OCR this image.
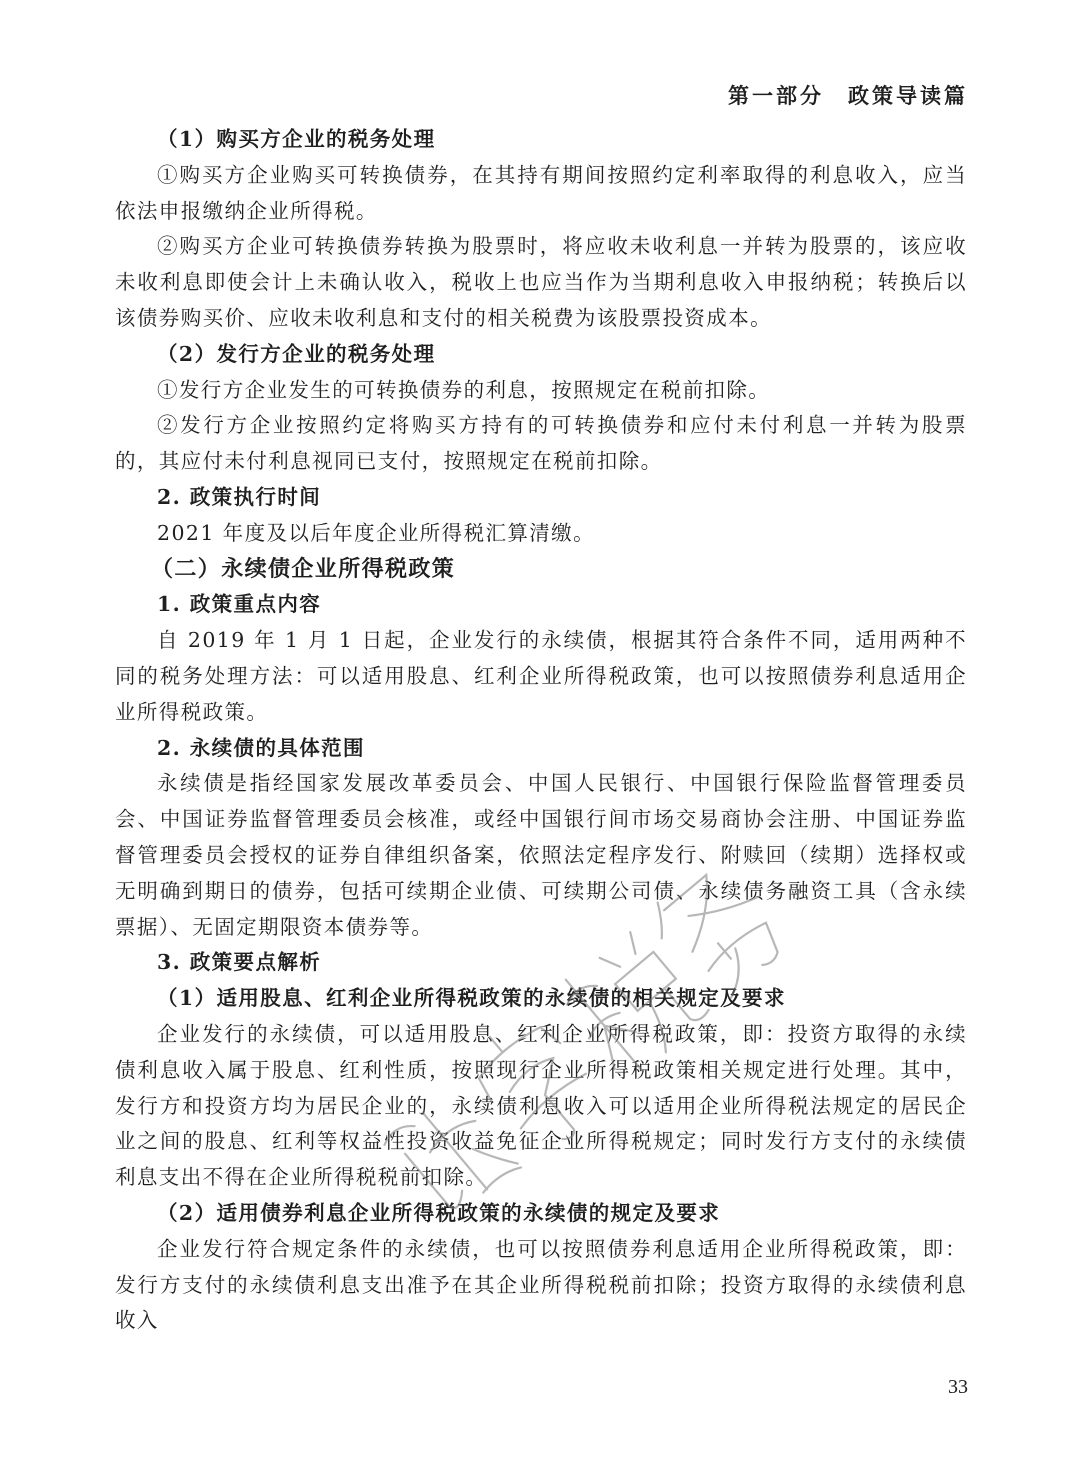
第一部分　政策导读篇

（1）购买方企业的税务处理

①购买方企业购买可转换债券，在其持有期间按照约定利率取得的利息收入，应当依法申报缴纳企业所得税。

②购买方企业可转换债券转换为股票时，将应收未收利息一并转为股票的，该应收未收利息即使会计上未确认收入，税收上也应当作为当期利息收入申报纳税；转换后以该债券购买价、应收未收利息和支付的相关税费为该股票投资成本。

（2）发行方企业的税务处理

①发行方企业发生的可转换债券的利息，按照规定在税前扣除。

②发行方企业按照约定将购买方持有的可转换债券和应付未付利息一并转为股票的，其应付未付利息视同已支付，按照规定在税前扣除。

2. 政策执行时间

2021 年度及以后年度企业所得税汇算清缴。

（二）永续债企业所得税政策

1. 政策重点内容

自 2019 年 1 月 1 日起，企业发行的永续债，根据其符合条件不同，适用两种不同的税务处理方法：可以适用股息、红利企业所得税政策，也可以按照债券利息适用企业所得税政策。

2. 永续债的具体范围

永续债是指经国家发展改革委员会、中国人民银行、中国银行保险监督管理委员会、中国证券监督管理委员会核准，或经中国银行间市场交易商协会注册、中国证券监督管理委员会授权的证券自律组织备案，依照法定程序发行、附赎回（续期）选择权或无明确到期日的债券，包括可续期企业债、可续期公司债、永续债务融资工具（含永续票据）、无固定期限资本债券等。

3. 政策要点解析

（1）适用股息、红利企业所得税政策的永续债的相关规定及要求

企业发行的永续债，可以适用股息、红利企业所得税政策，即：投资方取得的永续债利息收入属于股息、红利性质，按照现行企业所得税政策相关规定进行处理。其中，发行方和投资方均为居民企业的，永续债利息收入可以适用企业所得税法规定的居民企业之间的股息、红利等权益性投资收益免征企业所得税规定；同时发行方支付的永续债利息支出不得在企业所得税税前扣除。

（2）适用债券利息企业所得税政策的永续债的规定及要求

企业发行符合规定条件的永续债，也可以按照债券利息适用企业所得税政策，即：发行方支付的永续债利息支出准予在其企业所得税税前扣除；投资方取得的永续债利息收入

33
